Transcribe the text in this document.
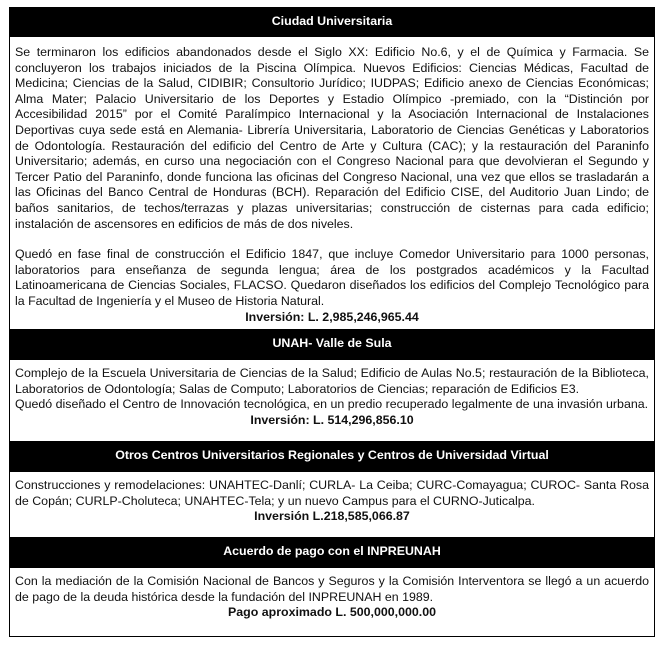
Ciudad Universitaria

Se terminaron los edificios abandonados desde el Siglo XX: Edificio No.6, y el de Química y Farmacia. Se concluyeron los trabajos iniciados de la Piscina Olímpica. Nuevos Edificios: Ciencias Médicas, Facultad de Medicina; Ciencias de la Salud, CIDIBIR; Consultorio Jurídico; IUDPAS; Edificio anexo de Ciencias Económicas; Alma Mater; Palacio Universitario de los Deportes y Estadio Olímpico -premiado, con la “Distinción por Accesibilidad 2015” por el Comité Paralímpico Internacional y la Asociación Internacional de Instalaciones Deportivas cuya sede está en Alemania- Librería Universitaria, Laboratorio de Ciencias Genéticas y Laboratorios de Odontología. Restauración del edificio del Centro de Arte y Cultura (CAC); y la restauración del Paraninfo Universitario; además, en curso una negociación con el Congreso Nacional para que devolvieran el Segundo y Tercer Patio del Paraninfo, donde funciona las oficinas del Congreso Nacional, una vez que ellos se trasladarán a las Oficinas del Banco Central de Honduras (BCH). Reparación del Edificio CISE, del Auditorio Juan Lindo; de baños sanitarios, de techos/terrazas y plazas universitarias; construcción de cisternas para cada edificio; instalación de ascensores en edificios de más de dos niveles.

Quedó en fase final de construcción el Edificio 1847, que incluye Comedor Universitario para 1000 personas, laboratorios para enseñanza de segunda lengua; área de los postgrados académicos y la Facultad Latinoamericana de Ciencias Sociales, FLACSO. Quedaron diseñados los edificios del Complejo Tecnológico para la Facultad de Ingeniería y el Museo de Historia Natural.

Inversión: L. 2,985,246,965.44

UNAH- Valle de Sula

Complejo de la Escuela Universitaria de Ciencias de la Salud; Edificio de Aulas No.5; restauración de la Biblioteca, Laboratorios de Odontología; Salas de Computo; Laboratorios de Ciencias; reparación de Edificios E3.

Quedó diseñado el Centro de Innovación tecnológica, en un predio recuperado legalmente de una invasión urbana.

Inversión: L. 514,296,856.10

Otros Centros Universitarios Regionales y Centros de Universidad Virtual

Construcciones y remodelaciones: UNAHTEC-Danlí; CURLA- La Ceiba; CURC-Comayagua; CUROC- Santa Rosa de Copán; CURLP-Choluteca; UNAHTEC-Tela; y un nuevo Campus para el CURNO-Juticalpa.

Inversión L.218,585,066.87

Acuerdo de pago con el INPREUNAH

Con la mediación de la Comisión Nacional de Bancos y Seguros y la Comisión Interventora se llegó a un acuerdo de pago de la deuda histórica desde la fundación del INPREUNAH en 1989.

Pago aproximado L. 500,000,000.00
